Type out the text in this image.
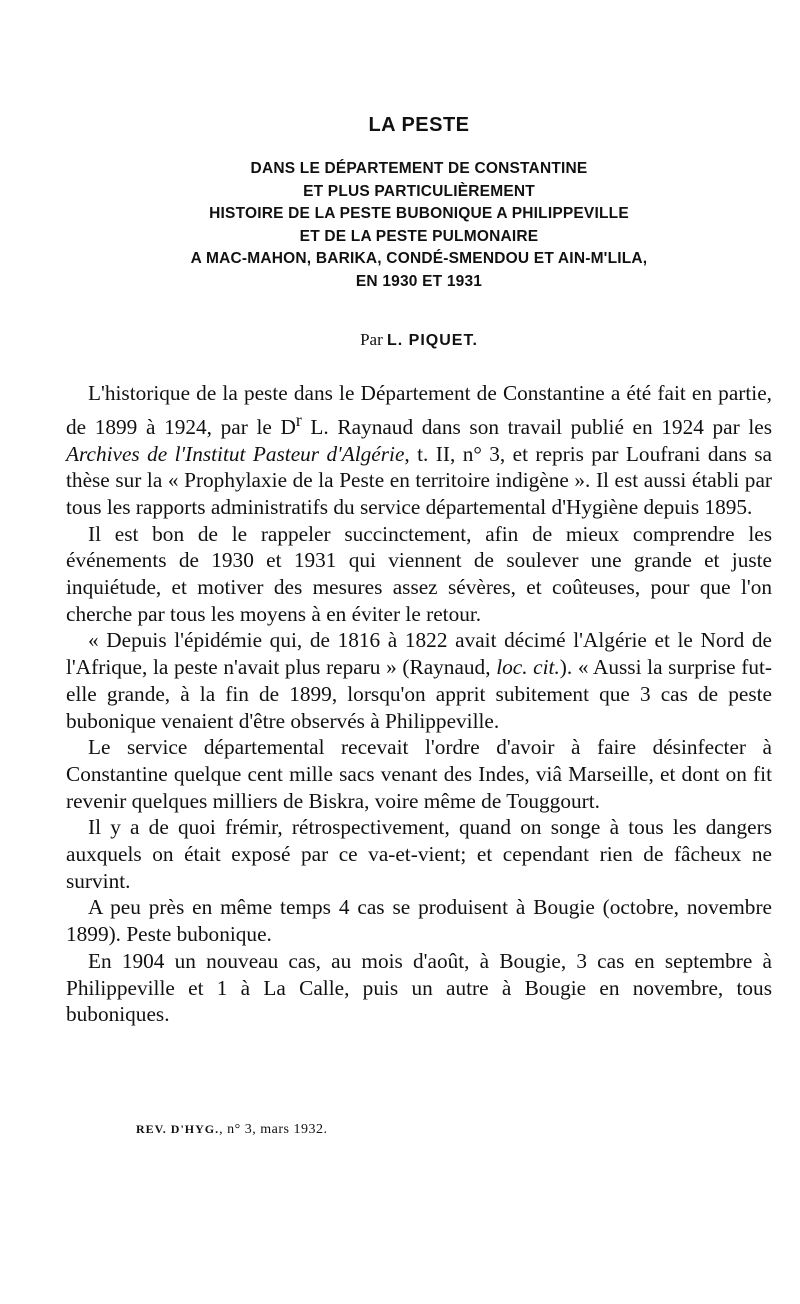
LA PESTE
DANS LE DÉPARTEMENT DE CONSTANTINE
ET PLUS PARTICULIÈREMENT
HISTOIRE DE LA PESTE BUBONIQUE A PHILIPPEVILLE
ET DE LA PESTE PULMONAIRE
A MAC-MAHON, BARIKA, CONDÉ-SMENDOU ET AIN-M'LILA,
EN 1930 ET 1931
Par L. PIQUET.

L'historique de la peste dans le Département de Constantine a été fait en partie, de 1899 à 1924, par le $D^r$ L. Raynaud dans son travail publié en 1924 par les Archives de l'Institut Pasteur d'Algérie, t. II, n° 3, et repris par Loufrani dans sa thèse sur la « Prophylaxie de la Peste en territoire indigène ». Il est aussi établi par tous les rapports administratifs du service départemental d'Hygiène depuis 1895.

Il est bon de le rappeler succinctement, afin de mieux comprendre les événements de 1930 et 1931 qui viennent de soulever une grande et juste inquiétude, et motiver des mesures assez sévères, et coûteuses, pour que l'on cherche par tous les moyens à en éviter le retour.

« Depuis l'épidémie qui, de 1816 à 1822 avait décimé l'Algérie et le Nord de l'Afrique, la peste n'avait plus reparu » (Raynaud, loc. cit.). « Aussi la surprise fut-elle grande, à la fin de 1899, lorsqu'on apprit subitement que 3 cas de peste bubonique venaient d'être observés à Philippeville.

Le service départemental recevait l'ordre d'avoir à faire désinfecter à Constantine quelque cent mille sacs venant des Indes, viâ Marseille, et dont on fit revenir quelques milliers de Biskra, voire même de Touggourt.

Il y a de quoi frémir, rétrospectivement, quand on songe à tous les dangers auxquels on était exposé par ce va-et-vient; et cependant rien de fâcheux ne survint.

A peu près en même temps 4 cas se produisent à Bougie (octobre, novembre 1899). Peste bubonique.

En 1904 un nouveau cas, au mois d'août, à Bougie, 3 cas en septembre à Philippeville et 1 à La Calle, puis un autre à Bougie en novembre, tous buboniques.

REV. D'HYG., n° 3, mars 1932.
